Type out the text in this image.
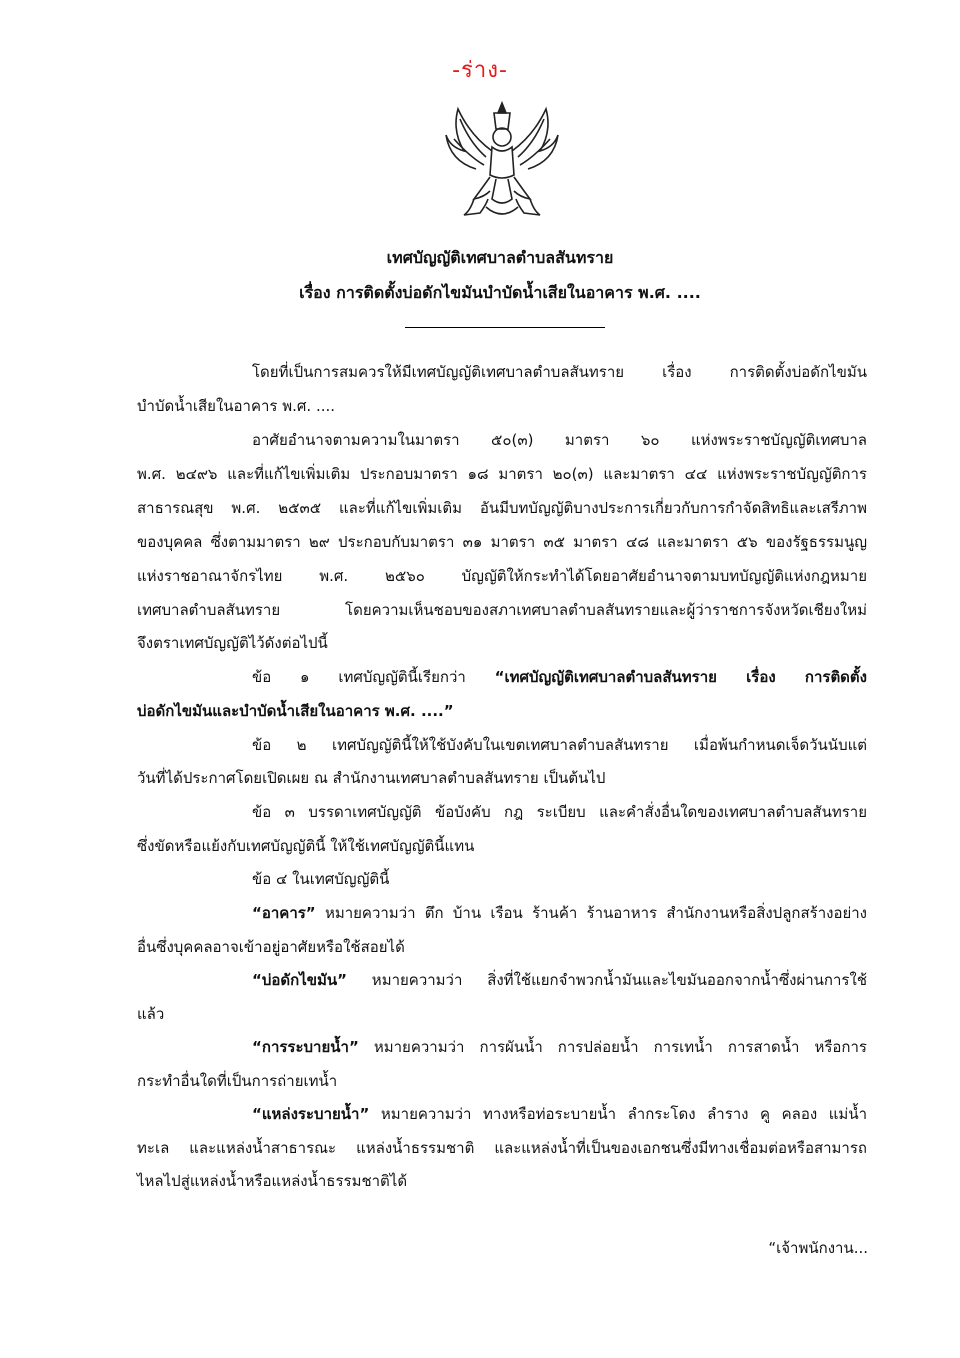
-ร่าง-
เทศบัญญัติเทศบาลตำบลสันทราย
เรื่อง การติดตั้งบ่อดักไขมันบำบัดน้ำเสียในอาคาร พ.ศ. ....
โดยที่เป็นการสมควรให้มีเทศบัญญัติเทศบาลตำบลสันทราย เรื่อง การติดตั้งบ่อดักไขมัน
บำบัดน้ำเสียในอาคาร พ.ศ. ....
อาศัยอำนาจตามความในมาตรา ๕๐(๓) มาตรา ๖๐ แห่งพระราชบัญญัติเทศบาล
พ.ศ. ๒๔๙๖ และที่แก้ไขเพิ่มเติม ประกอบมาตรา ๑๘ มาตรา ๒๐(๓) และมาตรา ๔๔ แห่งพระราชบัญญัติการ
สาธารณสุข พ.ศ. ๒๕๓๕ และที่แก้ไขเพิ่มเติม อันมีบทบัญญัติบางประการเกี่ยวกับการกำจัดสิทธิและเสรีภาพ
ของบุคคล ซึ่งตามมาตรา ๒๙ ประกอบกับมาตรา ๓๑ มาตรา ๓๕ มาตรา ๔๘ และมาตรา ๕๖ ของรัฐธรรมนูญ
แห่งราชอาณาจักรไทย พ.ศ. ๒๕๖๐ บัญญัติให้กระทำได้โดยอาศัยอำนาจตามบทบัญญัติแห่งกฎหมาย
เทศบาลตำบลสันทราย โดยความเห็นชอบของสภาเทศบาลตำบลสันทรายและผู้ว่าราชการจังหวัดเชียงใหม่
จึงตราเทศบัญญัติไว้ดังต่อไปนี้
ข้อ ๑ เทศบัญญัตินี้เรียกว่า “เทศบัญญัติเทศบาลตำบลสันทราย เรื่อง การติดตั้ง
บ่อดักไขมันและบำบัดน้ำเสียในอาคาร พ.ศ. ....”
ข้อ ๒ เทศบัญญัตินี้ให้ใช้บังคับในเขตเทศบาลตำบลสันทราย เมื่อพ้นกำหนดเจ็ดวันนับแต่
วันที่ได้ประกาศโดยเปิดเผย ณ สำนักงานเทศบาลตำบลสันทราย เป็นต้นไป
ข้อ ๓ บรรดาเทศบัญญัติ ข้อบังคับ กฎ ระเบียบ และคำสั่งอื่นใดของเทศบาลตำบลสันทราย
ซึ่งขัดหรือแย้งกับเทศบัญญัตินี้ ให้ใช้เทศบัญญัตินี้แทน
ข้อ ๔ ในเทศบัญญัตินี้
“อาคาร” หมายความว่า ตึก บ้าน เรือน ร้านค้า ร้านอาหาร สำนักงานหรือสิ่งปลูกสร้างอย่าง
อื่นซึ่งบุคคลอาจเข้าอยู่อาศัยหรือใช้สอยได้
“บ่อดักไขมัน” หมายความว่า สิ่งที่ใช้แยกจำพวกน้ำมันและไขมันออกจากน้ำซึ่งผ่านการใช้
แล้ว
“การระบายน้ำ” หมายความว่า การผันน้ำ การปล่อยน้ำ การเทน้ำ การสาดน้ำ หรือการ
กระทำอื่นใดที่เป็นการถ่ายเทน้ำ
“แหล่งระบายน้ำ” หมายความว่า ทางหรือท่อระบายน้ำ ลำกระโดง ลำราง คู คลอง แม่น้ำ
ทะเล และแหล่งน้ำสาธารณะ แหล่งน้ำธรรมชาติ และแหล่งน้ำที่เป็นของเอกชนซึ่งมีทางเชื่อมต่อหรือสามารถ
ไหลไปสู่แหล่งน้ำหรือแหล่งน้ำธรรมชาติได้
“เจ้าพนักงาน...
